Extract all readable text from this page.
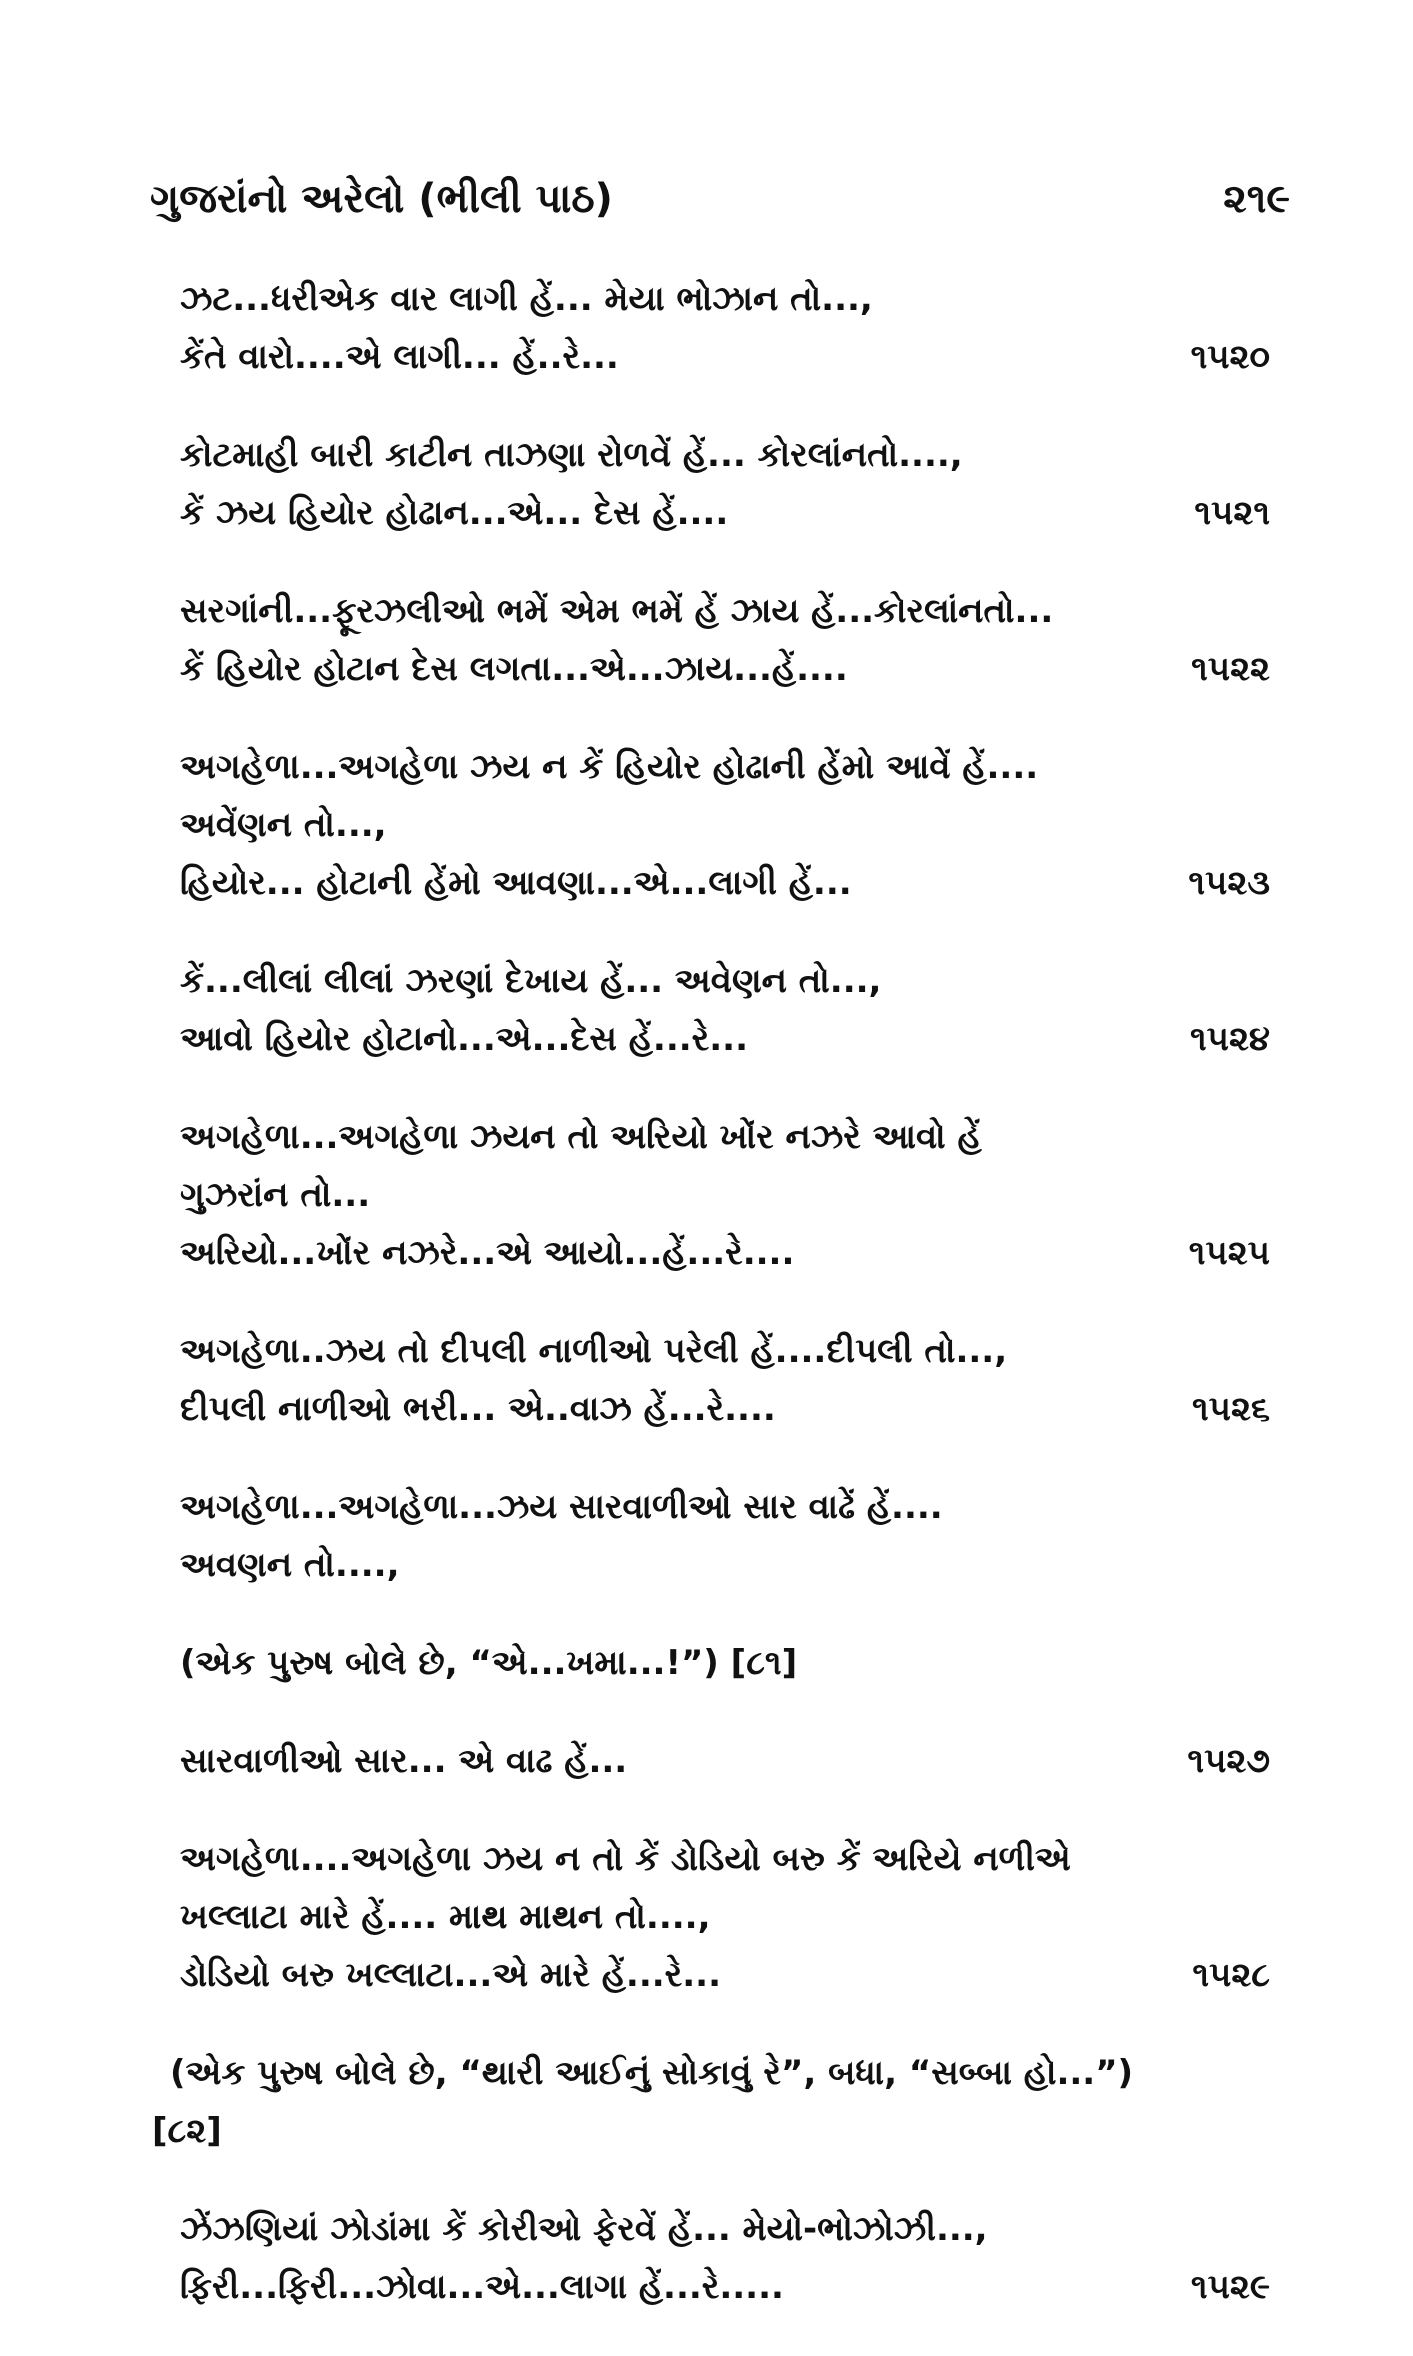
ગુજરાંનો અરેલો (ભીલી પાઠ)	૨૧૯
ઝટ...ધરીએક વાર લાગી હેં... મેયા ભોઝાન તો...,
કેંતે વારો....એ લાગી... હેં..રે...	૧૫૨૦
કોટમાહી બારી કાટીન તાઝણા રોળવેં હેં... કોરલાંનતો....,
કેં ઝય હિયોર હોઢાન...એ... દેસ હેં....	૧૫૨૧
સરગાંની...ફૂરઝલીઓ ભમેં એમ ભમેં હેં ઝાય હેં...કોરલાંનતો...
કેં હિયોર હોટાન દેસ લગતા...એ...ઝાય...હેં....	૧૫૨૨
અગહેળા...અગહેળા ઝય ન કેં હિયોર હોઢાની હેંમો આવેં હેં....
અવેંણન તો...,
હિયોર... હોટાની હેંમો આવણા...એ...લાગી હેં...	૧૫૨૩
કેં...લીલાં લીલાં ઝરણાં દેખાય હેં... અવેણન તો...,
આવો હિયોર હોટાનો...એ...દેસ હેં...રે...	૧૫૨૪
અગહેળા...અગહેળા ઝયન તો અરિયો ખોંર નઝરે આવો હેં
ગુઝરાંન તો...
અરિયો...ખોંર નઝરે...એ આયો...હેં...રે....	૧૫૨૫
અગહેળા..ઝય તો દીપલી નાળીઓ પરેલી હેં....દીપલી તો...,
દીપલી નાળીઓ ભરી... એ..વાઝ હેં...રે....	૧૫૨૬
અગહેળા...અગહેળા...ઝય સારવાળીઓ સાર વાઢેં હેં....
અવણન તો....,
(એક પુરુષ બોલે છે, “એ...ખમા...!”) [૮૧]
સારવાળીઓ સાર... એ વાઢ હેં...	૧૫૨૭
અગહેળા....અગહેળા ઝય ન તો કેં ડોડિયો બરુ કેં અરિયે નળીએ
ખલ્લાટા મારે હેં.... માથ માથન તો....,
ડોડિયો બરુ ખલ્લાટા...એ મારે હેં...રે...	૧૫૨૮
(એક પુરુષ બોલે છે, “થારી આઈનું સોકાવું રે”, બધા, “સબ્બા હો...”)
[૮૨]
ઝેંઝણિયાં ઝોડાંમા કેં કોરીઓ ફેરવેં હેં... મેયો-ભોઝોઝી...,
ફિરી...ફિરી...ઝોવા...એ...લાગા હેં...રે.....	૧૫૨૯
